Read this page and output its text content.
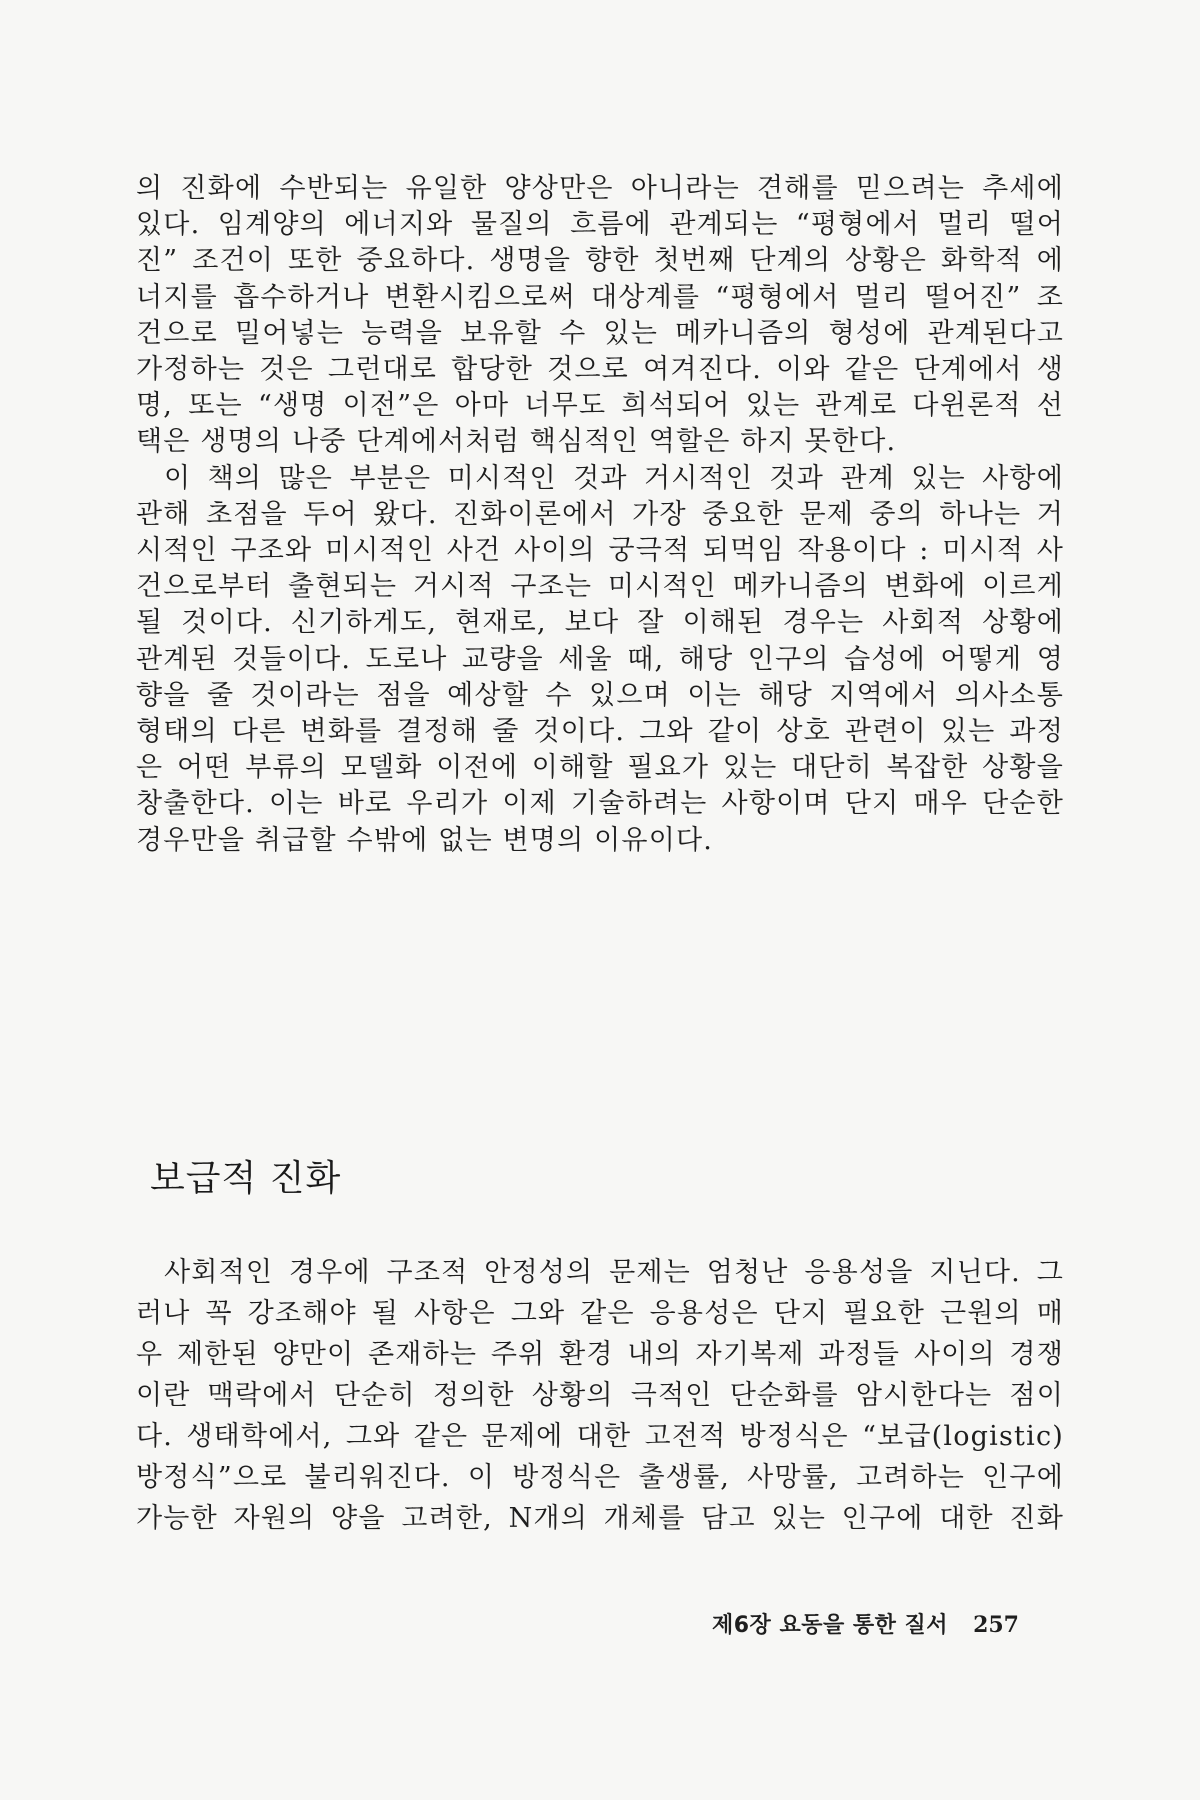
의 진화에 수반되는 유일한 양상만은 아니라는 견해를 믿으려는 추세에
있다. 임계양의 에너지와 물질의 흐름에 관계되는 “평형에서 멀리 떨어
진” 조건이 또한 중요하다. 생명을 향한 첫번째 단계의 상황은 화학적 에
너지를 흡수하거나 변환시킴으로써 대상계를 “평형에서 멀리 떨어진” 조
건으로 밀어넣는 능력을 보유할 수 있는 메카니즘의 형성에 관계된다고
가정하는 것은 그런대로 합당한 것으로 여겨진다. 이와 같은 단계에서 생
명, 또는 “생명 이전”은 아마 너무도 희석되어 있는 관계로 다윈론적 선
택은 생명의 나중 단계에서처럼 핵심적인 역할은 하지 못한다.
이 책의 많은 부분은 미시적인 것과 거시적인 것과 관계 있는 사항에
관해 초점을 두어 왔다. 진화이론에서 가장 중요한 문제 중의 하나는 거
시적인 구조와 미시적인 사건 사이의 궁극적 되먹임 작용이다 : 미시적 사
건으로부터 출현되는 거시적 구조는 미시적인 메카니즘의 변화에 이르게
될 것이다. 신기하게도, 현재로, 보다 잘 이해된 경우는 사회적 상황에
관계된 것들이다. 도로나 교량을 세울 때, 해당 인구의 습성에 어떻게 영
향을 줄 것이라는 점을 예상할 수 있으며 이는 해당 지역에서 의사소통
형태의 다른 변화를 결정해 줄 것이다. 그와 같이 상호 관련이 있는 과정
은 어떤 부류의 모델화 이전에 이해할 필요가 있는 대단히 복잡한 상황을
창출한다. 이는 바로 우리가 이제 기술하려는 사항이며 단지 매우 단순한
경우만을 취급할 수밖에 없는 변명의 이유이다.
보급적 진화
사회적인 경우에 구조적 안정성의 문제는 엄청난 응용성을 지닌다. 그
러나 꼭 강조해야 될 사항은 그와 같은 응용성은 단지 필요한 근원의 매
우 제한된 양만이 존재하는 주위 환경 내의 자기복제 과정들 사이의 경쟁
이란 맥락에서 단순히 정의한 상황의 극적인 단순화를 암시한다는 점이
다. 생태학에서, 그와 같은 문제에 대한 고전적 방정식은 “보급(logistic)
방정식”으로 불리워진다. 이 방정식은 출생률, 사망률, 고려하는 인구에
가능한 자원의 양을 고려한, N개의 개체를 담고 있는 인구에 대한 진화
제6장 요동을 통한 질서 257
